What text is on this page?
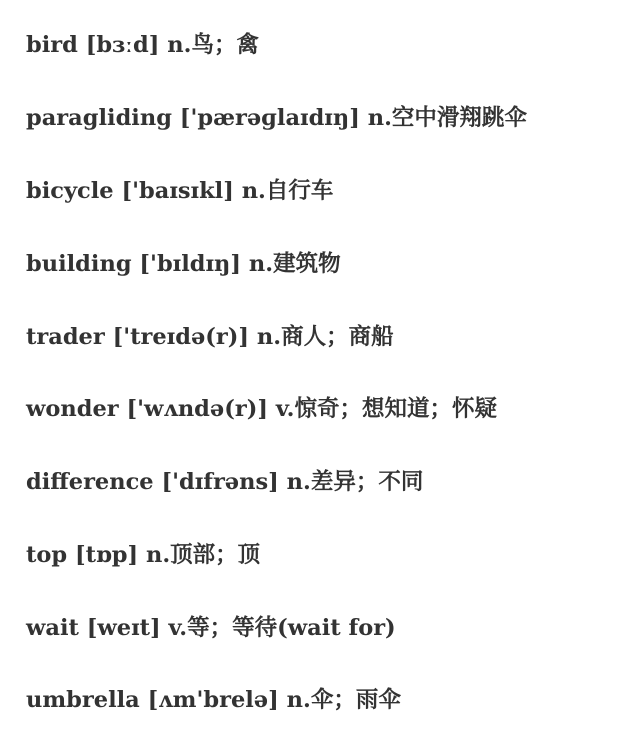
bird [bɜːd] n.鸟；禽
paragliding ['pærəɡlaɪdɪŋ] n.空中滑翔跳伞
bicycle ['baɪsɪkl] n.自行车
building ['bɪldɪŋ] n.建筑物
trader ['treɪdə(r)] n.商人；商船
wonder ['wʌndə(r)] v.惊奇；想知道；怀疑
difference ['dɪfrəns] n.差异；不同
top [tɒp] n.顶部；顶
wait [weɪt] v.等；等待(wait for)
umbrella [ʌm'brelə] n.伞；雨伞
